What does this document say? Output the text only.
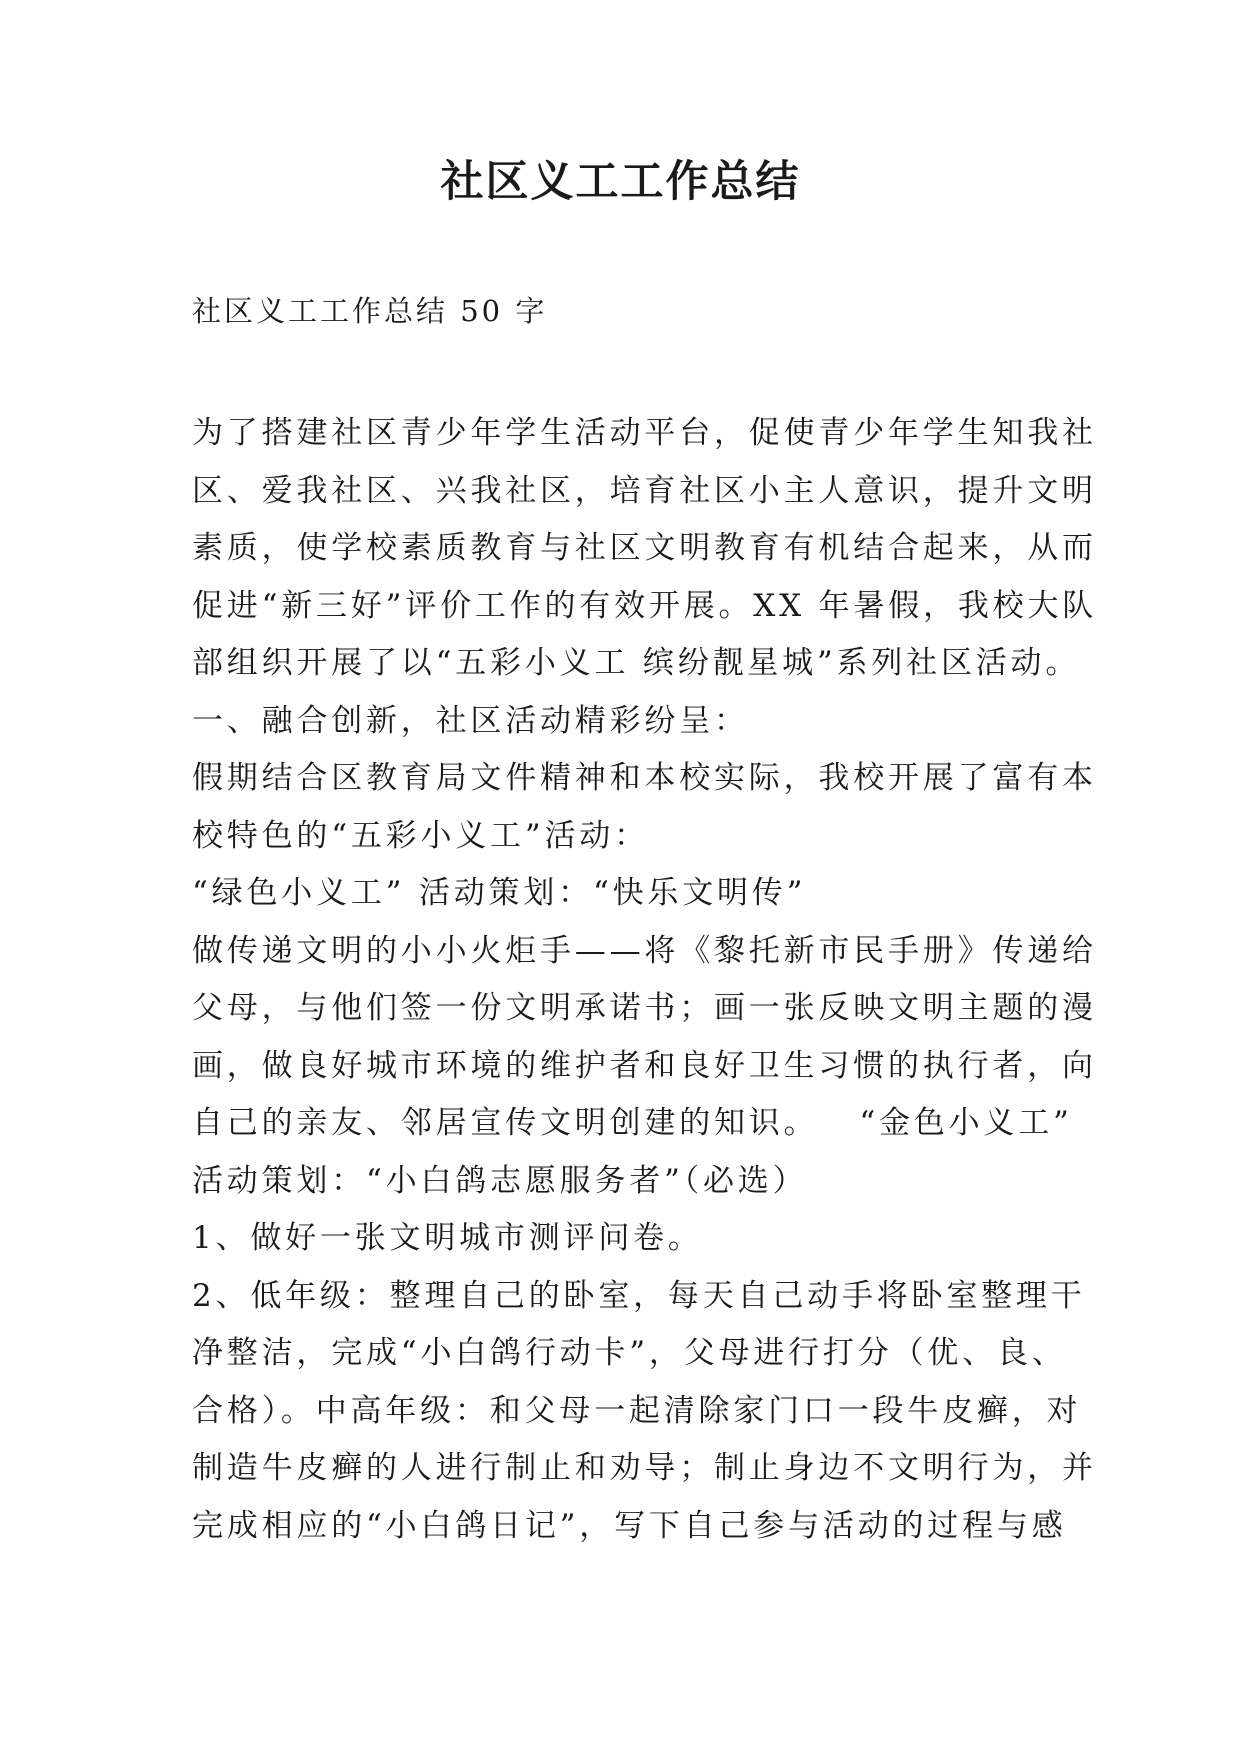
社区义工工作总结
社区义工工作总结 50 字
为了搭建社区青少年学生活动平台，促使青少年学生知我社
区、爱我社区、兴我社区，培育社区小主人意识，提升文明
素质，使学校素质教育与社区文明教育有机结合起来，从而
促进“新三好”评价工作的有效开展。XX 年暑假，我校大队
部组织开展了以“五彩小义工 缤纷靓星城”系列社区活动。
一、融合创新，社区活动精彩纷呈：
假期结合区教育局文件精神和本校实际，我校开展了富有本
校特色的“五彩小义工”活动：
“绿色小义工” 活动策划：“快乐文明传”
做传递文明的小小火炬手——将《黎托新市民手册》传递给
父母，与他们签一份文明承诺书；画一张反映文明主题的漫
画，做良好城市环境的维护者和良好卫生习惯的执行者，向
自己的亲友、邻居宣传文明创建的知识。   “金色小义工”
活动策划：“小白鸽志愿服务者”（必选）
1、做好一张文明城市测评问卷。
2、低年级：整理自己的卧室，每天自己动手将卧室整理干
净整洁，完成“小白鸽行动卡”，父母进行打分（优、良、
合格）。中高年级：和父母一起清除家门口一段牛皮癣，对
制造牛皮癣的人进行制止和劝导；制止身边不文明行为，并
完成相应的“小白鸽日记”，写下自己参与活动的过程与感
